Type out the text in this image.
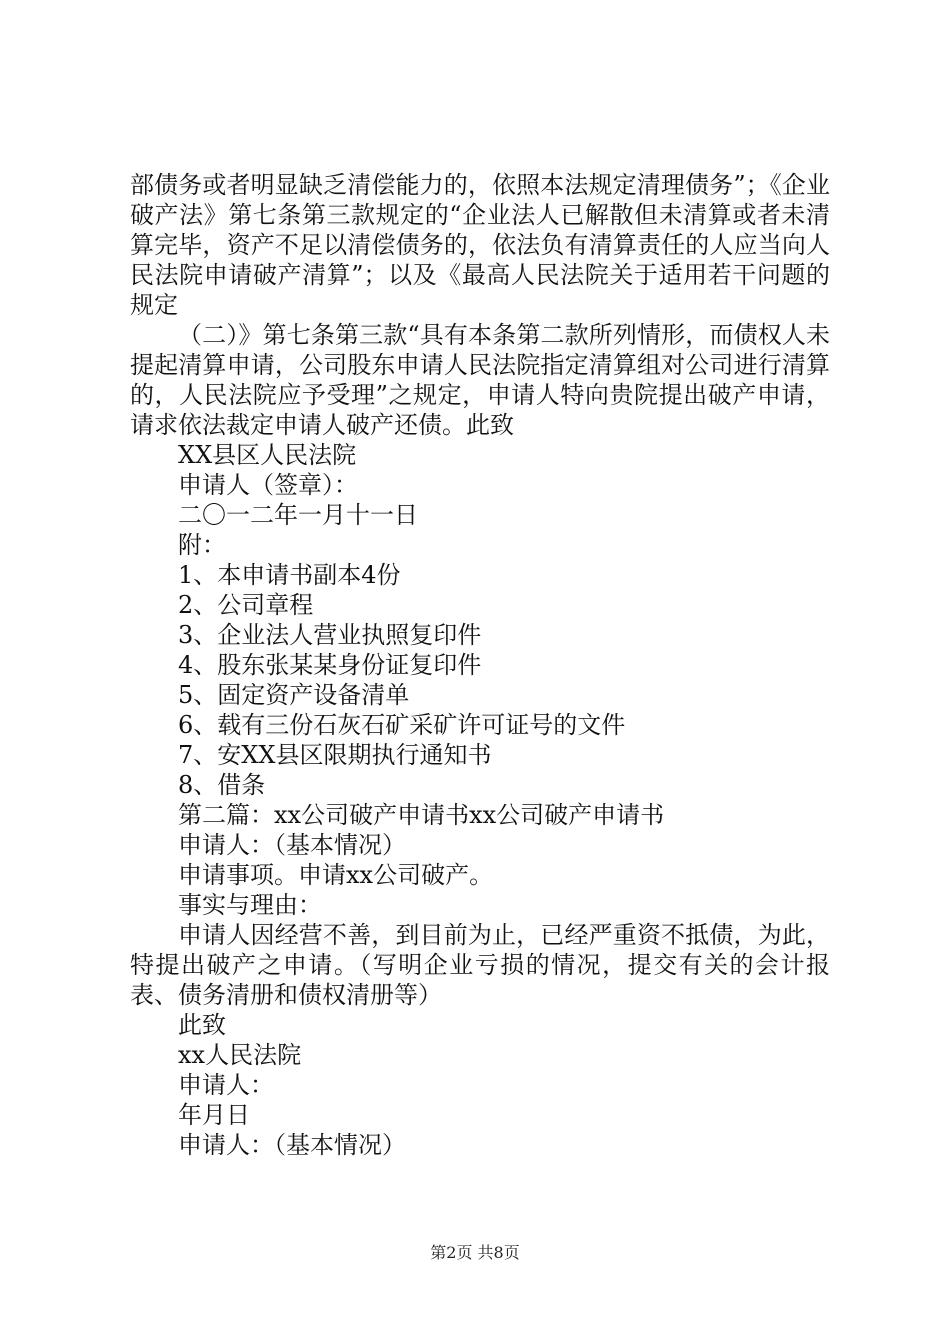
部债务或者明显缺乏清偿能力的，依照本法规定清理债务”；《企业破产法》第七条第三款规定的“企业法人已解散但未清算或者未清算完毕，资产不足以清偿债务的，依法负有清算责任的人应当向人民法院申请破产清算”；以及《最高人民法院关于适用若干问题的规定

（二）》第七条第三款“具有本条第二款所列情形，而债权人未提起清算申请，公司股东申请人民法院指定清算组对公司进行清算的，人民法院应予受理”之规定，申请人特向贵院提出破产申请，请求依法裁定申请人破产还债。此致

XX县区人民法院

申请人（签章）：

二〇一二年一月十一日

附：

1、本申请书副本4份

2、公司章程

3、企业法人营业执照复印件

4、股东张某某身份证复印件

5、固定资产设备清单

6、载有三份石灰石矿采矿许可证号的文件

7、安XX县区限期执行通知书

8、借条

第二篇：xx公司破产申请书xx公司破产申请书

申请人：（基本情况）

申请事项。申请xx公司破产。

事实与理由：

申请人因经营不善，到目前为止，已经严重资不抵债，为此，特提出破产之申请。（写明企业亏损的情况，提交有关的会计报表、债务清册和债权清册等）

此致

xx人民法院

申请人：

年月日

申请人：（基本情况）

第2页 共8页
